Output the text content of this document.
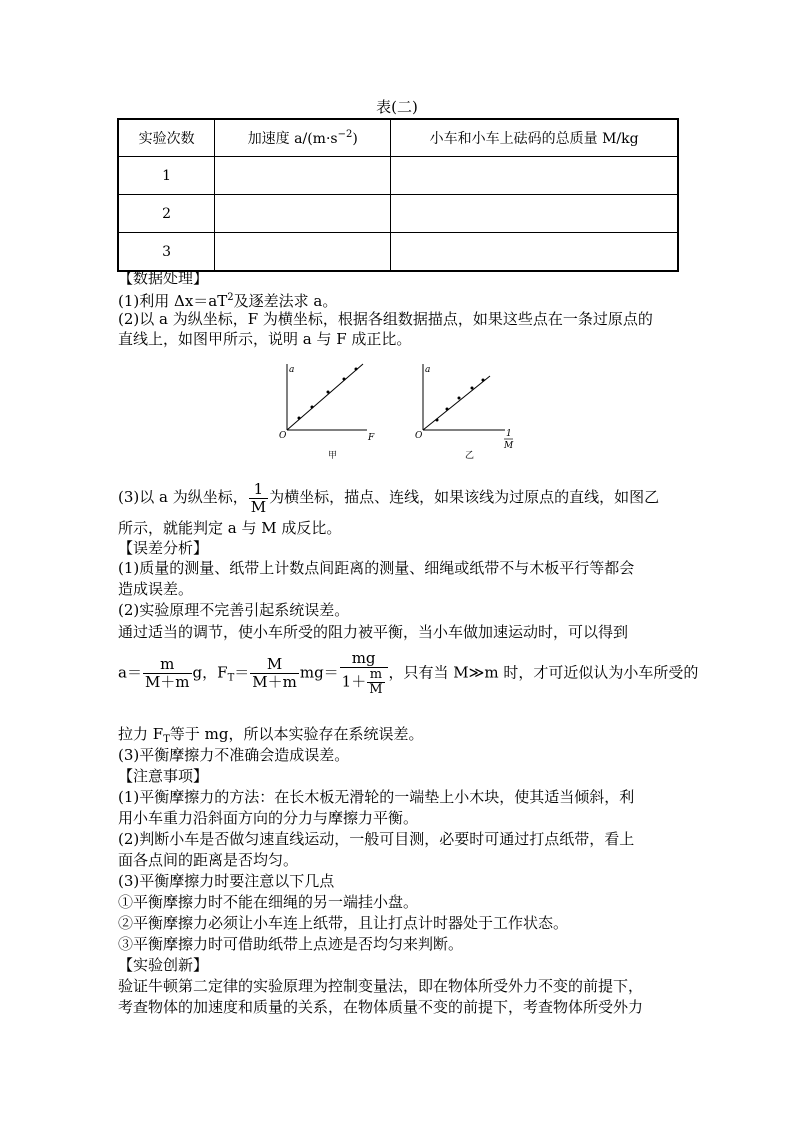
表(二)
实验次数	加速度 $a/(m\cdot s^{-2})$	小车和小车上砝码的总质量 M/kg
1		
2		
3		
【数据处理】
(1)利用 $\Delta x=aT^2$及逐差法求 a。
(2)以 a 为纵坐标，F 为横坐标，根据各组数据描点，如果这些点在一条过原点的
直线上，如图甲所示，说明 a 与 F 成正比。
a
F
O
甲
a
1
M
O
乙
(3)以 a 为纵坐标， $\frac{1}{M}$ 为横坐标，描点、连线，如果该线为过原点的直线，如图乙
所示，就能判定 a 与 M 成反比。
【误差分析】
(1)质量的测量、纸带上计数点间距离的测量、细绳或纸带不与木板平行等都会
造成误差。
(2)实验原理不完善引起系统误差。
通过适当的调节，使小车所受的阻力被平衡，当小车做加速运动时，可以得到
$a= \frac{m}{M+m}$ g，$F_T= \frac{M}{M+m} mg= \frac{mg}{1+ \frac{m}{M}}$ ，只有当 M≫m 时，才可近似认为小车所受的
拉力 $F_T$等于 mg，所以本实验存在系统误差。
(3)平衡摩擦力不准确会造成误差。
【注意事项】
(1)平衡摩擦力的方法：在长木板无滑轮的一端垫上小木块，使其适当倾斜，利
用小车重力沿斜面方向的分力与摩擦力平衡。
(2)判断小车是否做匀速直线运动，一般可目测，必要时可通过打点纸带，看上
面各点间的距离是否均匀。
(3)平衡摩擦力时要注意以下几点
①平衡摩擦力时不能在细绳的另一端挂小盘。
②平衡摩擦力必须让小车连上纸带，且让打点计时器处于工作状态。
③平衡摩擦力时可借助纸带上点迹是否均匀来判断。
【实验创新】
验证牛顿第二定律的实验原理为控制变量法，即在物体所受外力不变的前提下，
考查物体的加速度和质量的关系，在物体质量不变的前提下，考查物体所受外力
